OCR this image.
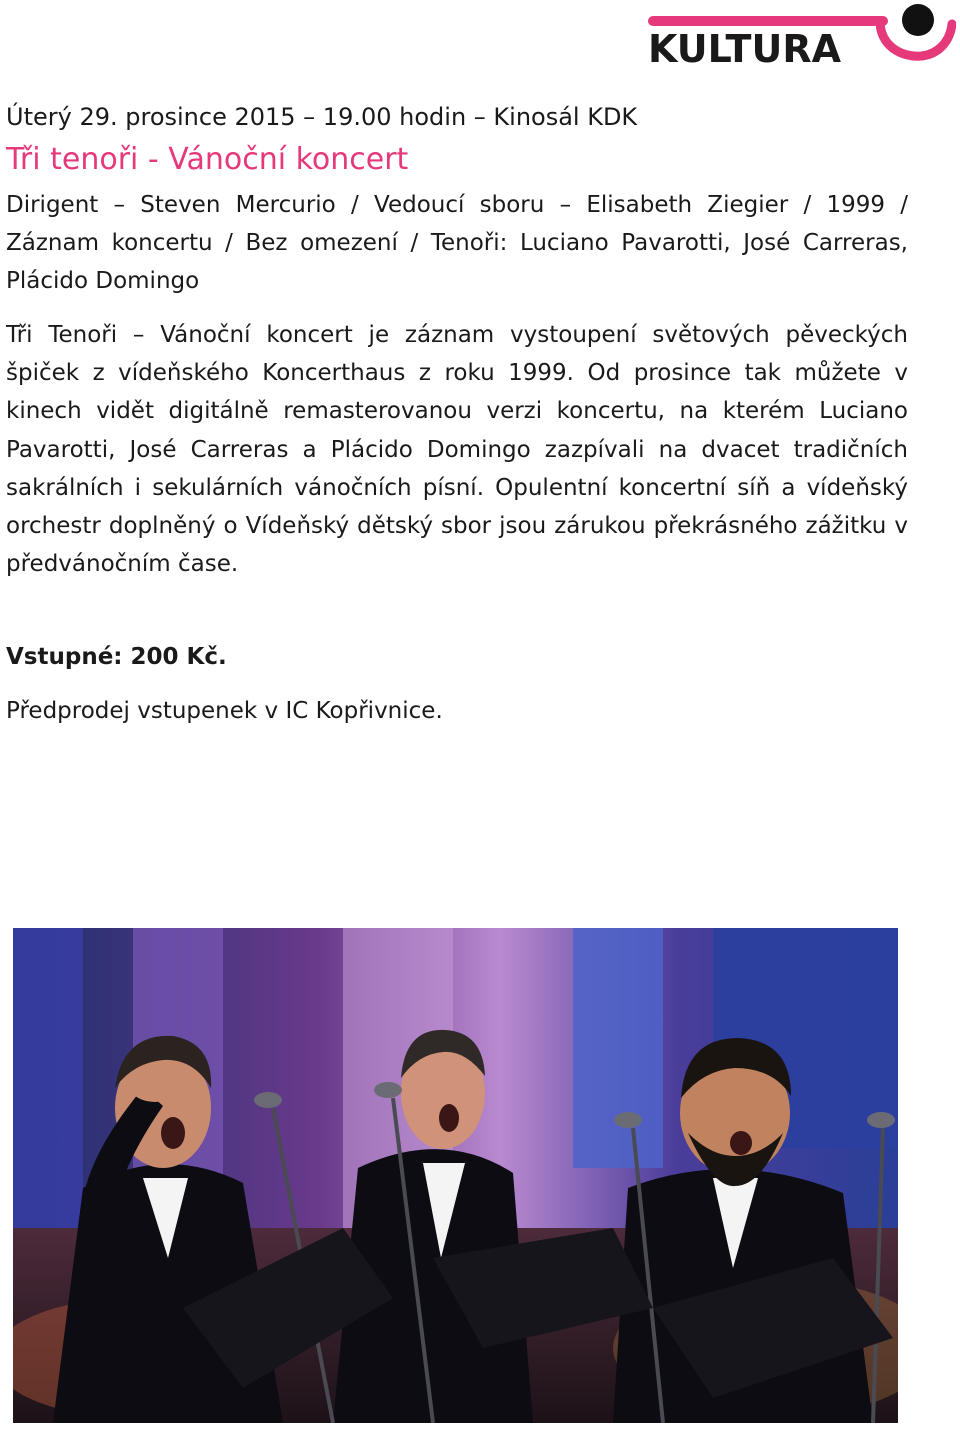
KULTURA
Úterý 29. prosince 2015 – 19.00 hodin – Kinosál KDK
Tři tenoři - Vánoční koncert
Dirigent – Steven Mercurio / Vedoucí sboru – Elisabeth Ziegier / 1999 / Záznam koncertu / Bez omezení / Tenoři: Luciano Pavarotti, José Carreras, Plácido Domingo
Tři Tenoři – Vánoční koncert je záznam vystoupení světových pěveckých špiček z vídeňského Koncerthaus z roku 1999. Od prosince tak můžete v kinech vidět digitálně remasterovanou verzi koncertu, na kterém Luciano Pavarotti, José Carreras a Plácido Domingo zazpívali na dvacet tradičních sakrálních i sekulárních vánočních písní. Opulentní koncertní síň a vídeňský orchestr doplněný o Vídeňský dětský sbor jsou zárukou překrásného zážitku v předvánočním čase.
Vstupné: 200 Kč.
Předprodej vstupenek v IC Kopřivnice.
